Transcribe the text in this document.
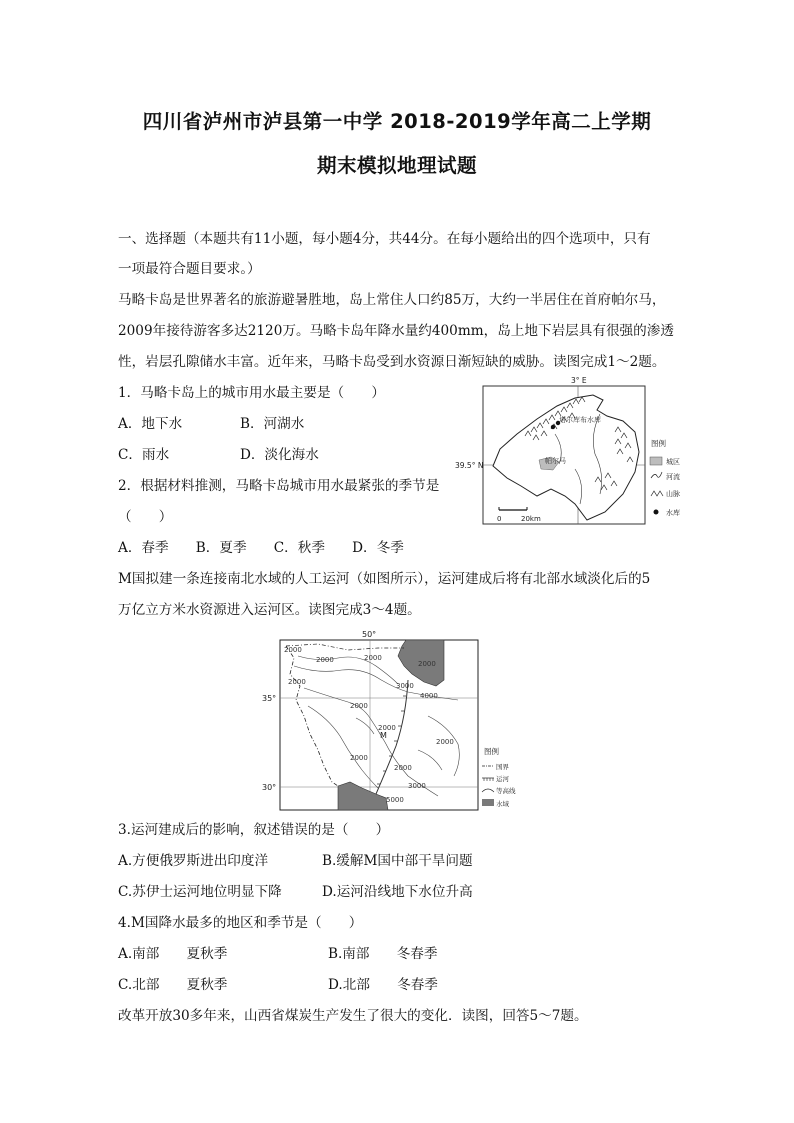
四川省泸州市泸县第一中学 2018-2019学年高二上学期
期末模拟地理试题
一、选择题（本题共有11小题，每小题4分，共44分。在每小题给出的四个选项中，只有
一项最符合题目要求。）
马略卡岛是世界著名的旅游避暑胜地，岛上常住人口约85万，大约一半居住在首府帕尔马，
2009年接待游客多达2120万。马略卡岛年降水量约400mm，岛上地下岩层具有很强的渗透
性，岩层孔隙储水丰富。近年来，马略卡岛受到水资源日渐短缺的威胁。读图完成1～2题。
1．马略卡岛上的城市用水最主要是（　　）
A．地下水	B．河湖水
C．雨水	D．淡化海水
2．根据材料推测，马略卡岛城市用水最紧张的季节是
（　　）
A．春季　　B．夏季　　C．秋季　　D．冬季
3° E
39.5° N
塔尔库布水库
帕尔马
0	20km
图例
城区
河流
山脉
水库
M国拟建一条连接南北水域的人工运河（如图所示），运河建成后将有北部水域淡化后的5
万亿立方米水资源进入运河区。读图完成3～4题。
50°
35°
30°
2000
2000	2000
2000
3000
4000
2000
2000
2000
2000
2000
2000
3000
5000
M
图例
国界
运河
等高线
水域
3.运河建成后的影响，叙述错误的是（　　）
A.方便俄罗斯进出印度洋	B.缓解M国中部干旱问题
C.苏伊士运河地位明显下降	D.运河沿线地下水位升高
4.M国降水最多的地区和季节是（　　）
A.南部　　夏秋季	B.南部　　冬春季
C.北部　　夏秋季	D.北部　　冬春季
改革开放30多年来，山西省煤炭生产发生了很大的变化．读图，回答5～7题。
